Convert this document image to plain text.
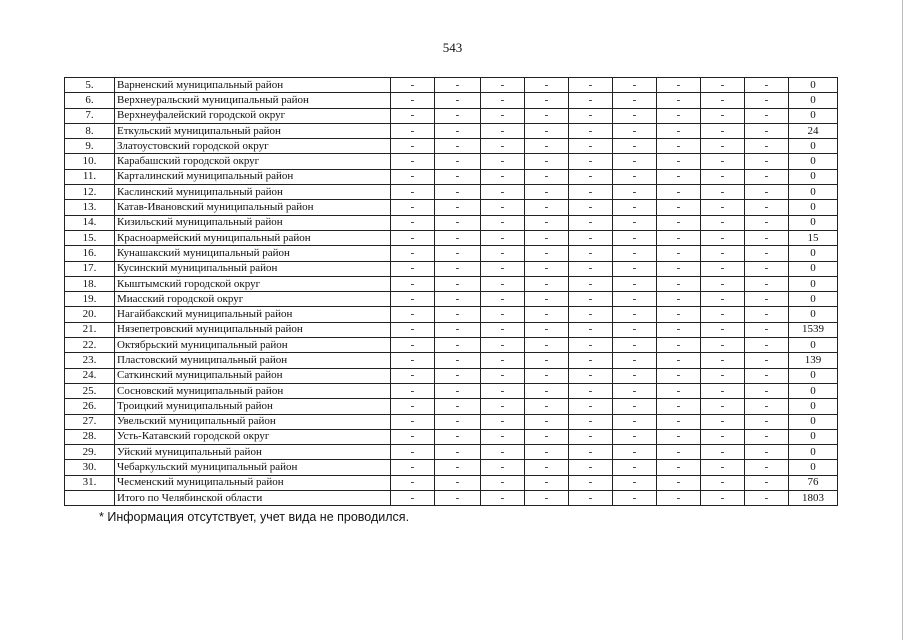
543
5.	Варненский муниципальный район	-	-	-	-	-	-	-	-	-	0
6.	Верхнеуральский муниципальный район	-	-	-	-	-	-	-	-	-	0
7.	Верхнеуфалейский городской округ	-	-	-	-	-	-	-	-	-	0
8.	Еткульский муниципальный район	-	-	-	-	-	-	-	-	-	24
9.	Златоустовский городской округ	-	-	-	-	-	-	-	-	-	0
10.	Карабашский городской округ	-	-	-	-	-	-	-	-	-	0
11.	Карталинский муниципальный район	-	-	-	-	-	-	-	-	-	0
12.	Каслинский муниципальный район	-	-	-	-	-	-	-	-	-	0
13.	Катав-Ивановский муниципальный район	-	-	-	-	-	-	-	-	-	0
14.	Кизильский муниципальный район	-	-	-	-	-	-	-	-	-	0
15.	Красноармейский муниципальный район	-	-	-	-	-	-	-	-	-	15
16.	Кунашакский муниципальный район	-	-	-	-	-	-	-	-	-	0
17.	Кусинский муниципальный район	-	-	-	-	-	-	-	-	-	0
18.	Кыштымский городской округ	-	-	-	-	-	-	-	-	-	0
19.	Миасский городской округ	-	-	-	-	-	-	-	-	-	0
20.	Нагайбакский муниципальный район	-	-	-	-	-	-	-	-	-	0
21.	Нязепетровский муниципальный район	-	-	-	-	-	-	-	-	-	1539
22.	Октябрьский муниципальный район	-	-	-	-	-	-	-	-	-	0
23.	Пластовский муниципальный район	-	-	-	-	-	-	-	-	-	139
24.	Саткинский муниципальный район	-	-	-	-	-	-	-	-	-	0
25.	Сосновский муниципальный район	-	-	-	-	-	-	-	-	-	0
26.	Троицкий муниципальный район	-	-	-	-	-	-	-	-	-	0
27.	Увельский муниципальный район	-	-	-	-	-	-	-	-	-	0
28.	Усть-Катавский городской округ	-	-	-	-	-	-	-	-	-	0
29.	Уйский муниципальный район	-	-	-	-	-	-	-	-	-	0
30.	Чебаркульский муниципальный район	-	-	-	-	-	-	-	-	-	0
31.	Чесменский муниципальный район	-	-	-	-	-	-	-	-	-	76
	Итого по Челябинской области	-	-	-	-	-	-	-	-	-	1803
* Информация отсутствует, учет вида не проводился.
